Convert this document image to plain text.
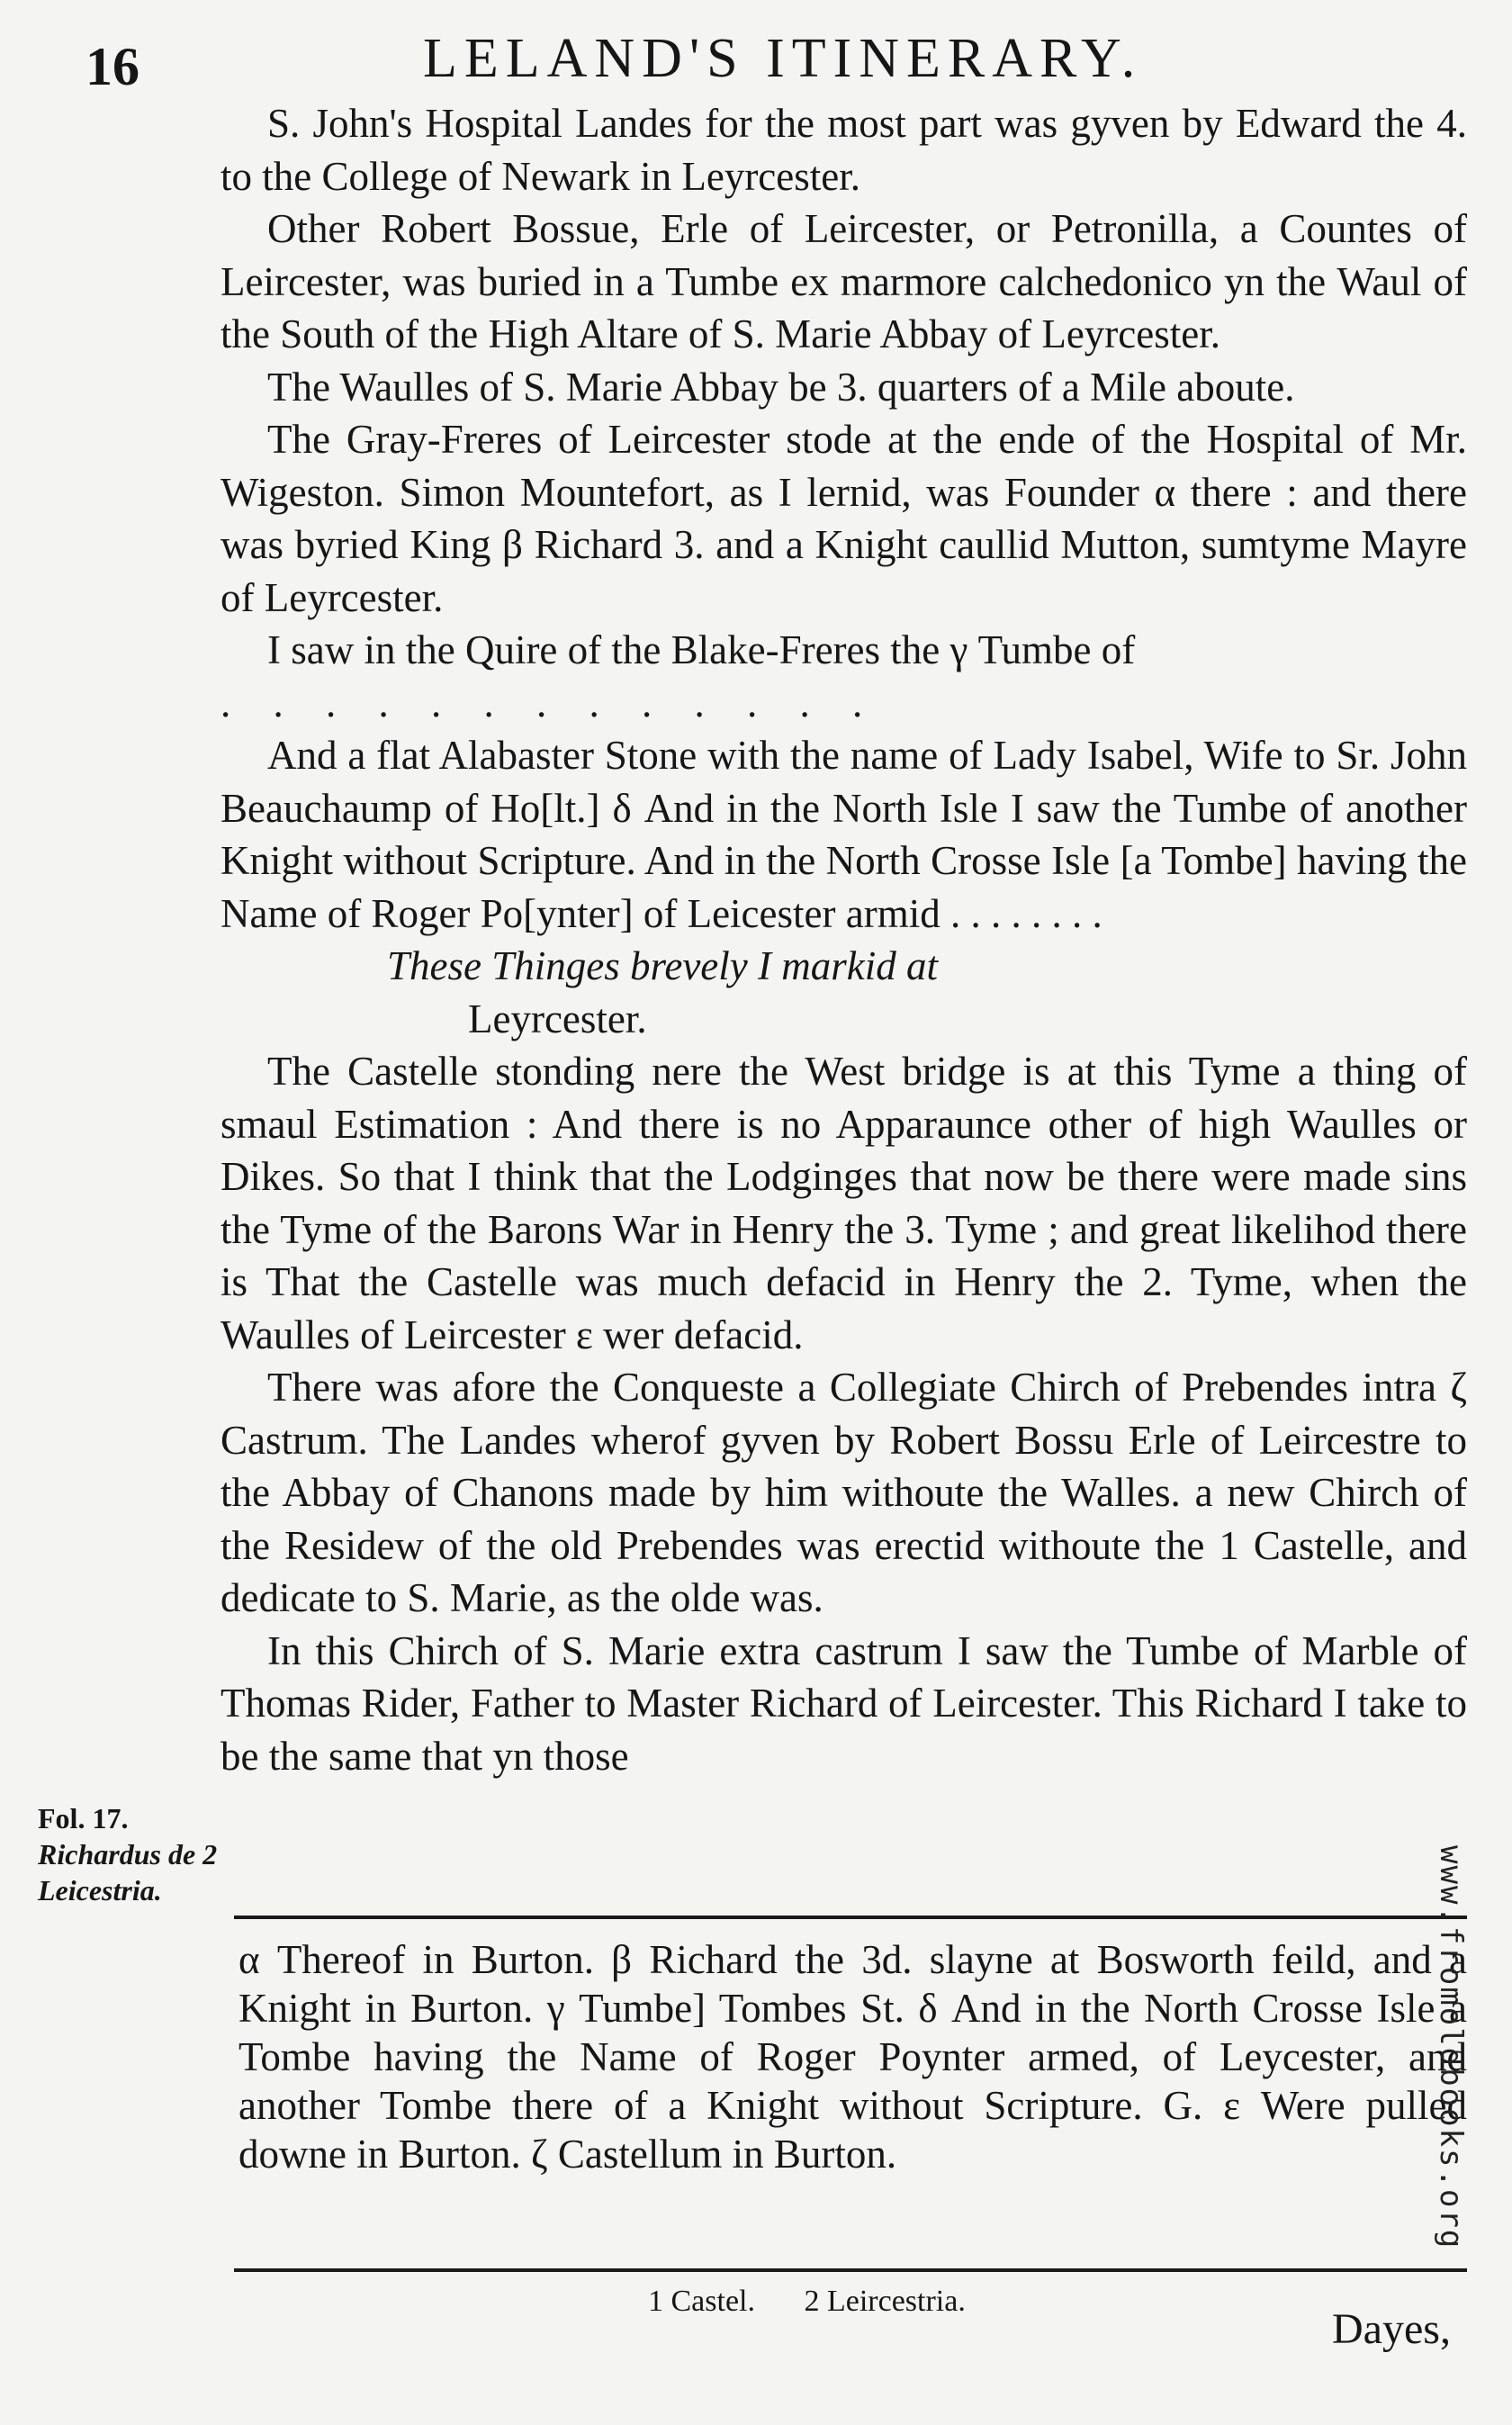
16	LELAND'S ITINERARY.

S. John's Hospital Landes for the most part was gyven by Edward the 4. to the College of Newark in Leyrcester.

Other Robert Bossue, Erle of Leircester, or Petronilla, a Countes of Leircester, was buried in a Tumbe ex marmore calchedonico yn the Waul of the South of the High Altare of S. Marie Abbay of Leyrcester.

The Waulles of S. Marie Abbay be 3. quarters of a Mile aboute.

The Gray-Freres of Leircester stode at the ende of the Hospital of Mr. Wigeston. Simon Mountefort, as I lernid, was Founder α there : and there was byried King β Richard 3. and a Knight caullid Mutton, sumtyme Mayre of Leyrcester.

I saw in the Quire of the Blake-Freres the γ Tumbe of

. . . . . . . . . . . . .

And a flat Alabaster Stone with the name of Lady Isabel, Wife to Sr. John Beauchaump of Ho[lt.] δ And in the North Isle I saw the Tumbe of another Knight without Scripture. And in the North Crosse Isle [a Tombe] having the Name of Roger Po[ynter] of Leicester armid . . . . . . . .

These Thinges brevely I markid at

Leyrcester.

The Castelle stonding nere the West bridge is at this Tyme a thing of smaul Estimation : And there is no Apparaunce other of high Waulles or Dikes. So that I think that the Lodginges that now be there were made sins the Tyme of the Barons War in Henry the 3. Tyme ; and great likelihod there is That the Castelle was much defacid in Henry the 2. Tyme, when the Waulles of Leircester ε wer defacid.

There was afore the Conqueste a Collegiate Chirch of Prebendes intra ζ Castrum. The Landes wherof gyven by Robert Bossu Erle of Leircestre to the Abbay of Chanons made by him withoute the Walles. a new Chirch of the Residew of the old Prebendes was erectid withoute the 1 Castelle, and dedicate to S. Marie, as the olde was.

In this Chirch of S. Marie extra castrum I saw the Tumbe of Marble of Thomas Rider, Father to Master Richard of Leircester. This Richard I take to be the same that yn those

Fol. 17.
Richardus de 2 Leicestria.

α Thereof in Burton. β Richard the 3d. slayne at Bosworth feild, and a Knight in Burton. γ Tumbe] Tombes St. δ And in the North Crosse Isle a Tombe having the Name of Roger Poynter armed, of Leycester, and another Tombe there of a Knight without Scripture. G. ε Were pulled downe in Burton. ζ Castellum in Burton.

1 Castel. 2 Leircestria.
Dayes,
www.fromoldbooks.org
